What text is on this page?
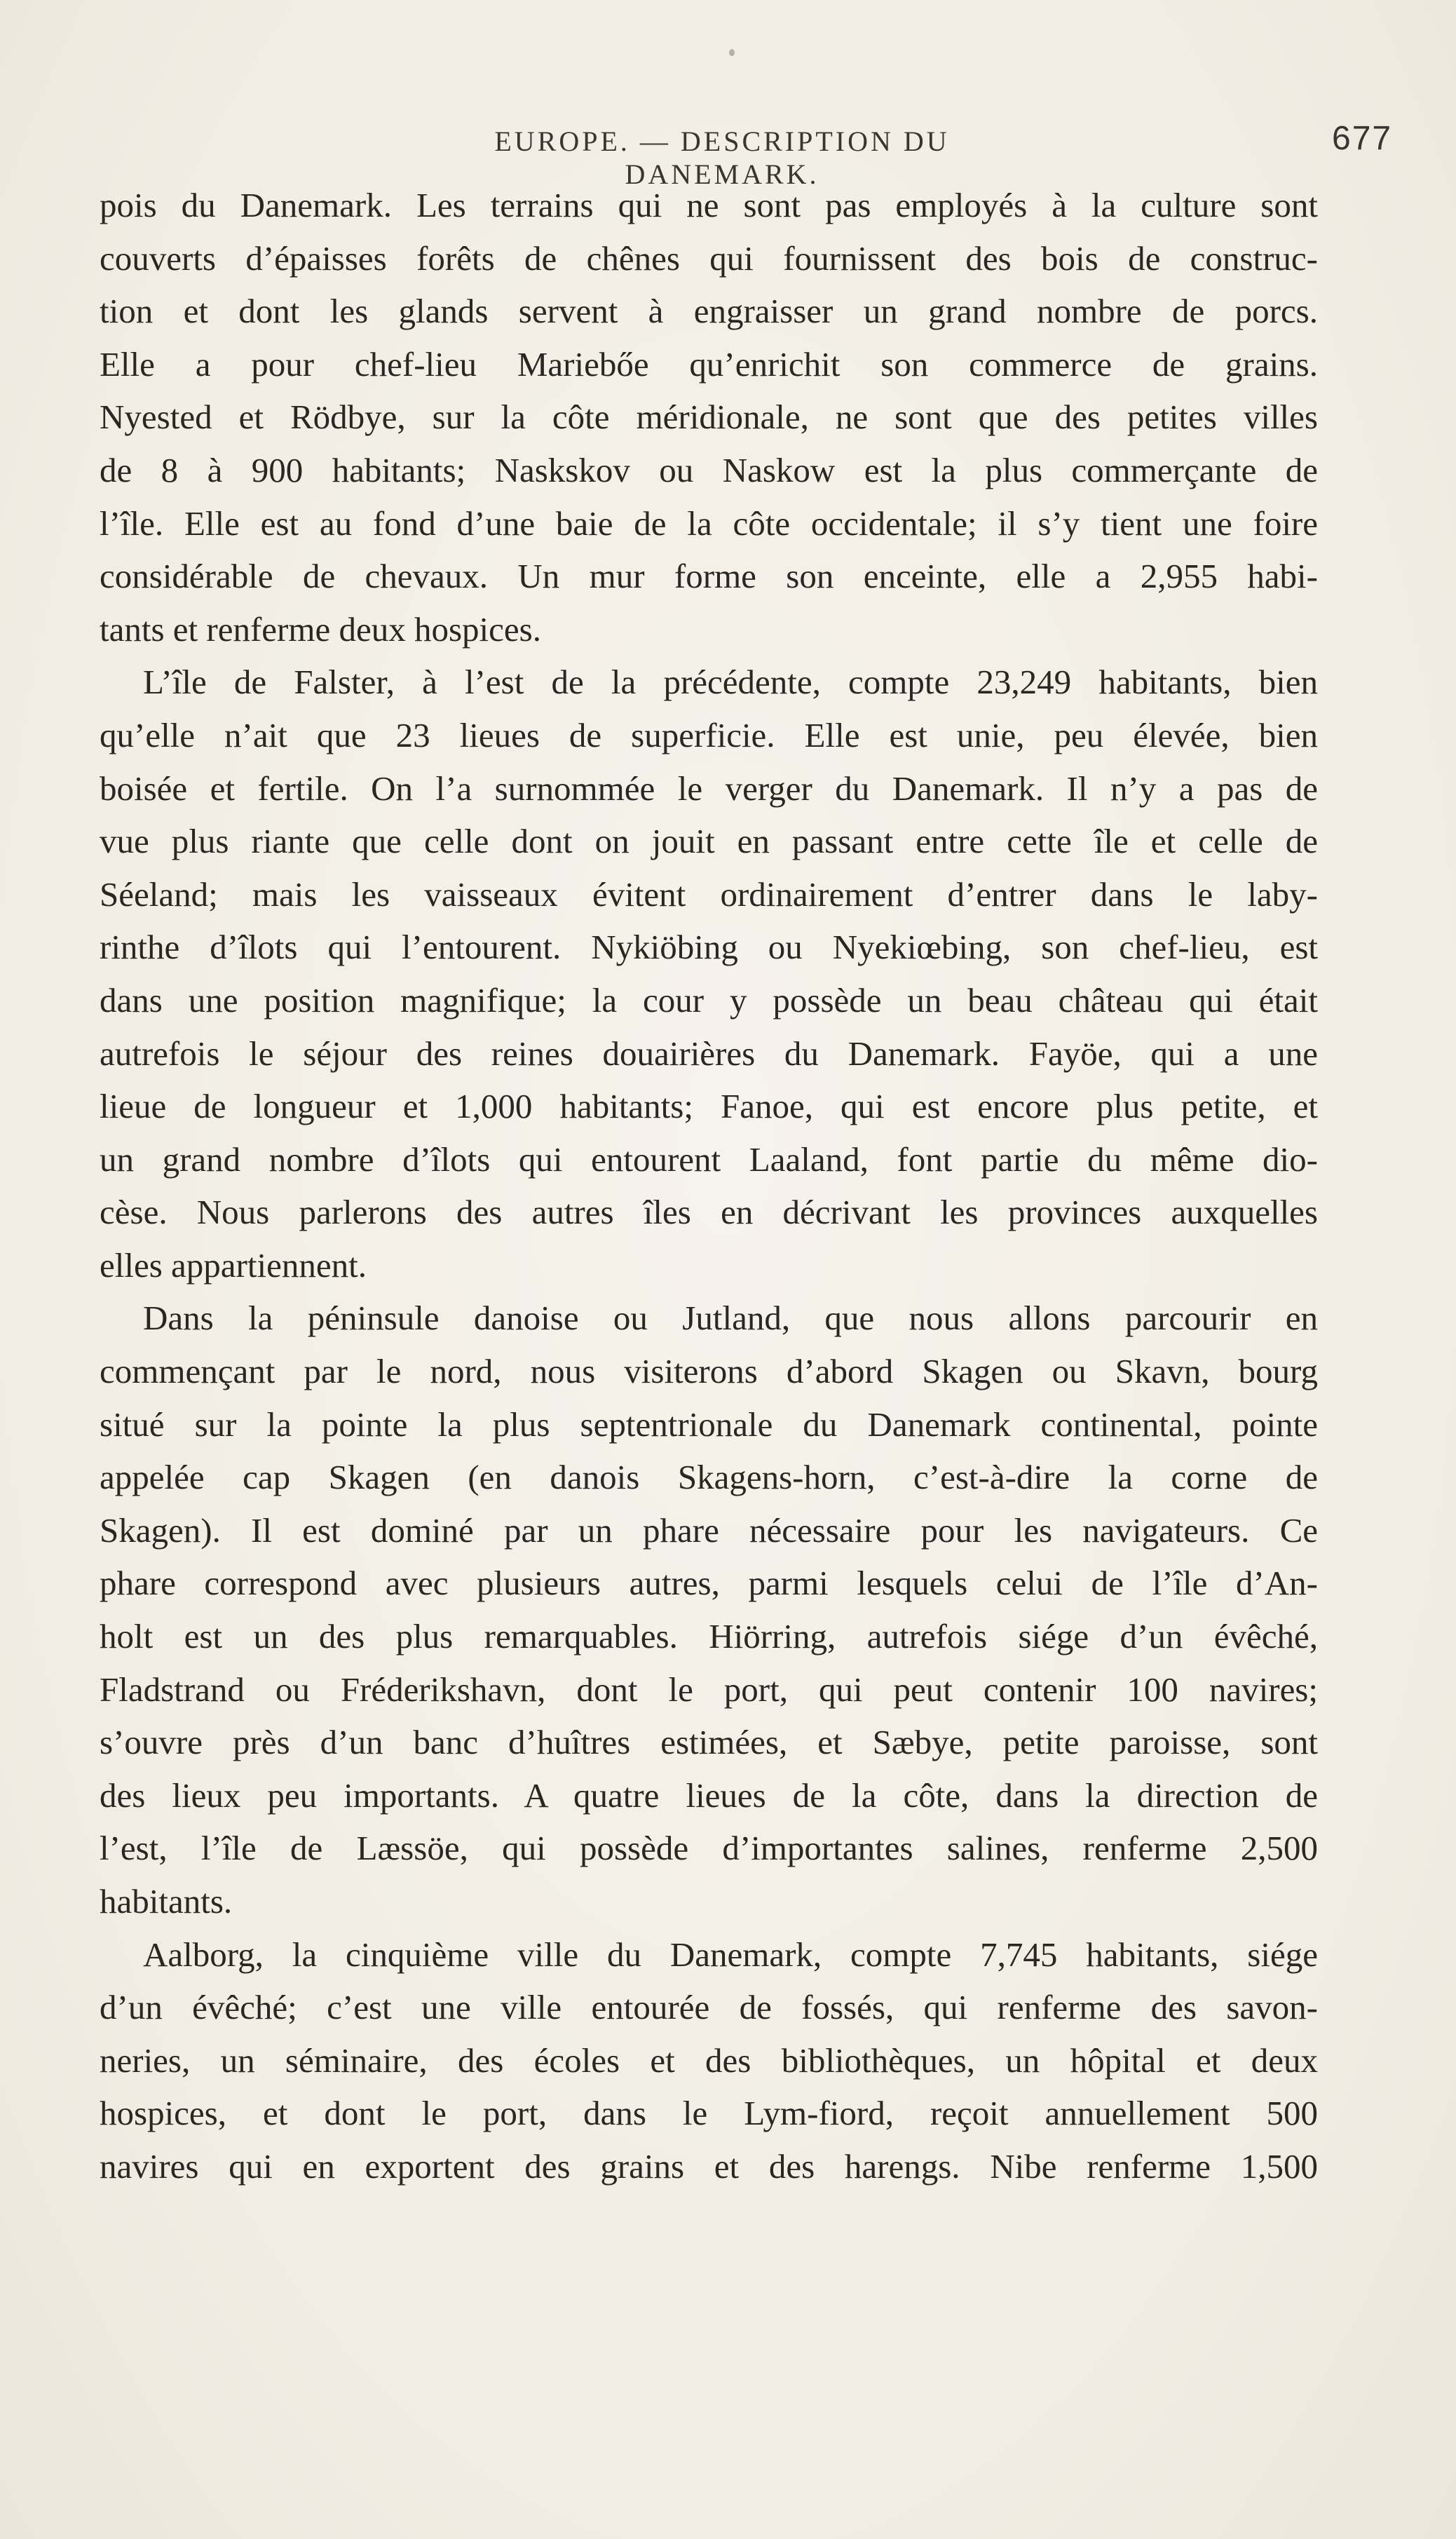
EUROPE. — DESCRIPTION DU DANEMARK.
677
pois du Danemark. Les terrains qui ne sont pas employés à la culture sont
couverts d’épaisses forêts de chênes qui fournissent des bois de construc-
tion et dont les glands servent à engraisser un grand nombre de porcs.
Elle a pour chef-lieu Mariebőe qu’enrichit son commerce de grains.
Nyested et Rödbye, sur la côte méridionale, ne sont que des petites villes
de 8 à 900 habitants; Naskskov ou Naskow est la plus commerçante de
l’île. Elle est au fond d’une baie de la côte occidentale; il s’y tient une foire
considérable de chevaux. Un mur forme son enceinte, elle a 2,955 habi-
tants et renferme deux hospices.
L’île de Falster, à l’est de la précédente, compte 23,249 habitants, bien
qu’elle n’ait que 23 lieues de superficie. Elle est unie, peu élevée, bien
boisée et fertile. On l’a surnommée le verger du Danemark. Il n’y a pas de
vue plus riante que celle dont on jouit en passant entre cette île et celle de
Séeland; mais les vaisseaux évitent ordinairement d’entrer dans le laby-
rinthe d’îlots qui l’entourent. Nykiöbing ou Nyekiœbing, son chef-lieu, est
dans une position magnifique; la cour y possède un beau château qui était
autrefois le séjour des reines douairières du Danemark. Fayöe, qui a une
lieue de longueur et 1,000 habitants; Fanoe, qui est encore plus petite, et
un grand nombre d’îlots qui entourent Laaland, font partie du même dio-
cèse. Nous parlerons des autres îles en décrivant les provinces auxquelles
elles appartiennent.
Dans la péninsule danoise ou Jutland, que nous allons parcourir en
commençant par le nord, nous visiterons d’abord Skagen ou Skavn, bourg
situé sur la pointe la plus septentrionale du Danemark continental, pointe
appelée cap Skagen (en danois Skagens-horn, c’est-à-dire la corne de
Skagen). Il est dominé par un phare nécessaire pour les navigateurs. Ce
phare correspond avec plusieurs autres, parmi lesquels celui de l’île d’An-
holt est un des plus remarquables. Hiörring, autrefois siége d’un évêché,
Fladstrand ou Fréderikshavn, dont le port, qui peut contenir 100 navires;
s’ouvre près d’un banc d’huîtres estimées, et Sæbye, petite paroisse, sont
des lieux peu importants. A quatre lieues de la côte, dans la direction de
l’est, l’île de Læssöe, qui possède d’importantes salines, renferme 2,500
habitants.
Aalborg, la cinquième ville du Danemark, compte 7,745 habitants, siége
d’un évêché; c’est une ville entourée de fossés, qui renferme des savon-
neries, un séminaire, des écoles et des bibliothèques, un hôpital et deux
hospices, et dont le port, dans le Lym-fiord, reçoit annuellement 500
navires qui en exportent des grains et des harengs. Nibe renferme 1,500
